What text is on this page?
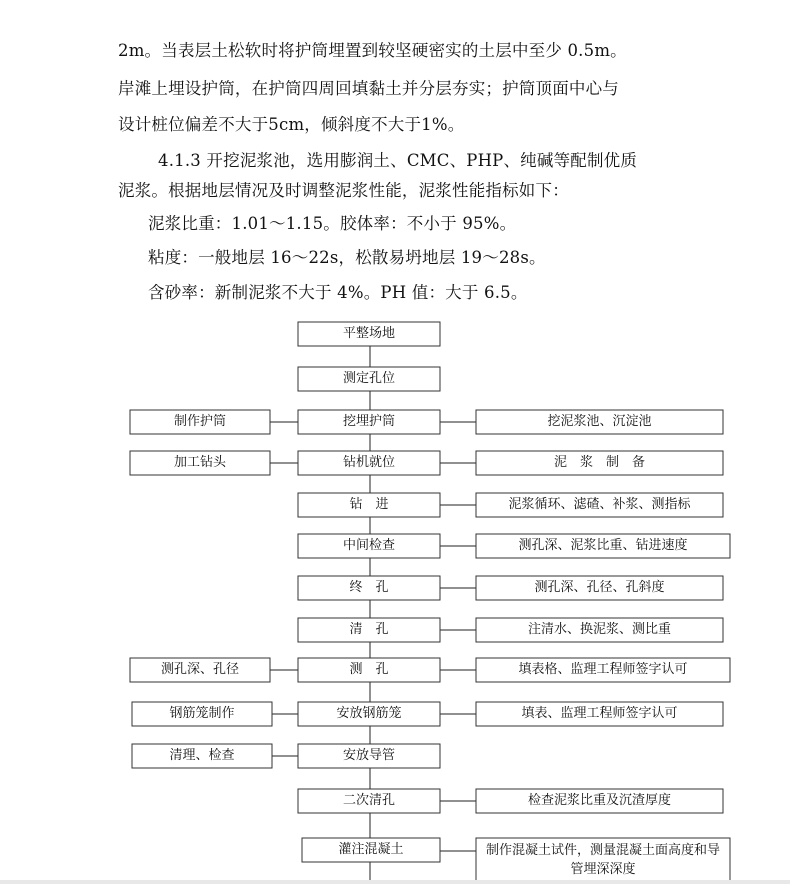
2m。当表层土松软时将护筒埋置到较坚硬密实的土层中至少 0.5m。
岸滩上埋设护筒，在护筒四周回填黏土并分层夯实；护筒顶面中心与
设计桩位偏差不大于5cm，倾斜度不大于1%。
4.1.3 开挖泥浆池，选用膨润土、CMC、PHP、纯碱等配制优质
泥浆。根据地层情况及时调整泥浆性能，泥浆性能指标如下：
泥浆比重：1.01～1.15。胶体率：不小于 95%。
粘度：一般地层 16～22s，松散易坍地层 19～28s。
含砂率：新制泥浆不大于 4%。PH 值：大于 6.5。
平整场地
测定孔位
挖埋护筒
钻机就位
钻　进
中间检查
终　孔
清　孔
测　孔
安放钢筋笼
安放导管
二次清孔
灌注混凝土
制作护筒
加工钻头
测孔深、孔径
钢筋笼制作
清理、检查
挖泥浆池、沉淀池
泥　浆　制　备
泥浆循环、滤碴、补浆、测指标
测孔深、泥浆比重、钻进速度
测孔深、孔径、孔斜度
注清水、换泥浆、测比重
填表格、监理工程师签字认可
填表、监理工程师签字认可
检查泥浆比重及沉渣厚度
制作混凝土试件，测量混凝土面高度和导管埋深深度
